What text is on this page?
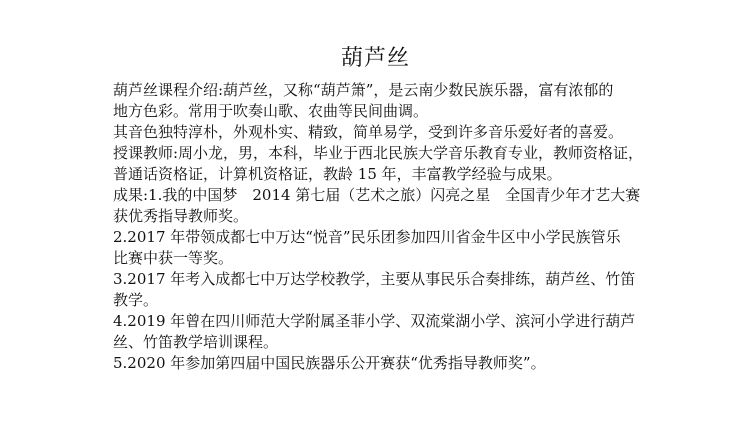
葫芦丝

葫芦丝课程介绍:葫芦丝，又称“葫芦箫”，是云南少数民族乐器，富有浓郁的

地方色彩。常用于吹奏山歌、农曲等民间曲调。

其音色独特淳朴，外观朴实、精致，简单易学，受到许多音乐爱好者的喜爱。

授课教师:周小龙，男，本科，毕业于西北民族大学音乐教育专业，教师资格证，

普通话资格证，计算机资格证，教龄 15 年，丰富教学经验与成果。

成果:1.我的中国梦　2014 第七届（艺术之旅）闪亮之星　全国青少年才艺大赛

获优秀指导教师奖。

2.2017 年带领成都七中万达“悦音”民乐团参加四川省金牛区中小学民族管乐

比赛中获一等奖。

3.2017 年考入成都七中万达学校教学，主要从事民乐合奏排练，葫芦丝、竹笛

教学。

4.2019 年曾在四川师范大学附属圣菲小学、双流棠湖小学、滨河小学进行葫芦

丝、竹笛教学培训课程。

5.2020 年参加第四届中国民族器乐公开赛获“优秀指导教师奖”。
